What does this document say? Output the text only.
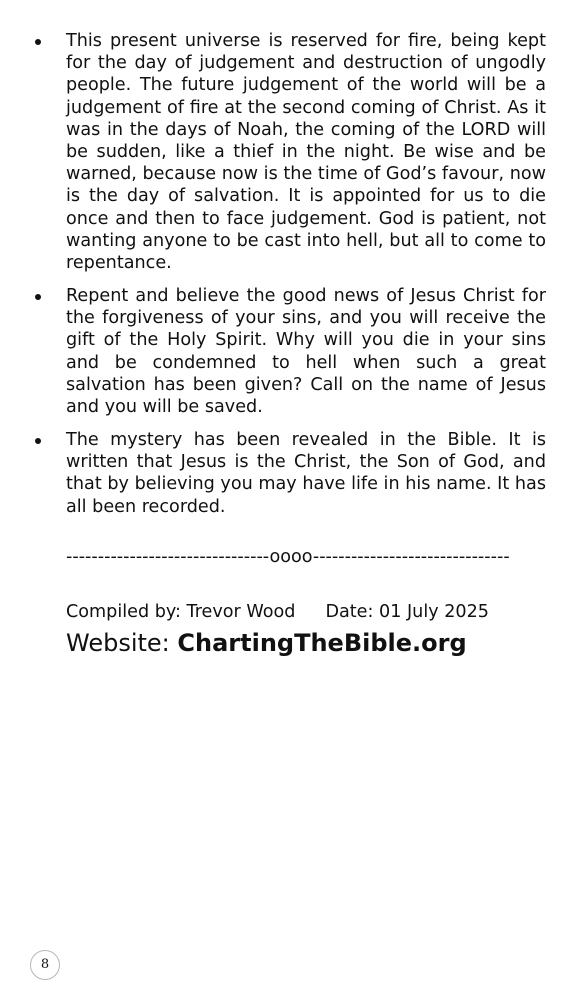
This present universe is reserved for fire, being kept for the day of judgement and destruction of ungodly people. The future judgement of the world will be a judgement of fire at the second coming of Christ. As it was in the days of Noah, the coming of the LORD will be sudden, like a thief in the night. Be wise and be warned, because now is the time of God’s favour, now is the day of salvation. It is appointed for us to die once and then to face judgement. God is patient, not wanting anyone to be cast into hell, but all to come to repentance.

Repent and believe the good news of Jesus Christ for the forgiveness of your sins, and you will receive the gift of the Holy Spirit. Why will you die in your sins and be condemned to hell when such a great salvation has been given? Call on the name of Jesus and you will be saved.

The mystery has been revealed in the Bible. It is written that Jesus is the Christ, the Son of God, and that by believing you may have life in his name. It has all been recorded.

--------------------------------oooo-------------------------------
Compiled by: Trevor Wood Date: 01 July 2025
Website: ChartingTheBible.org
8
